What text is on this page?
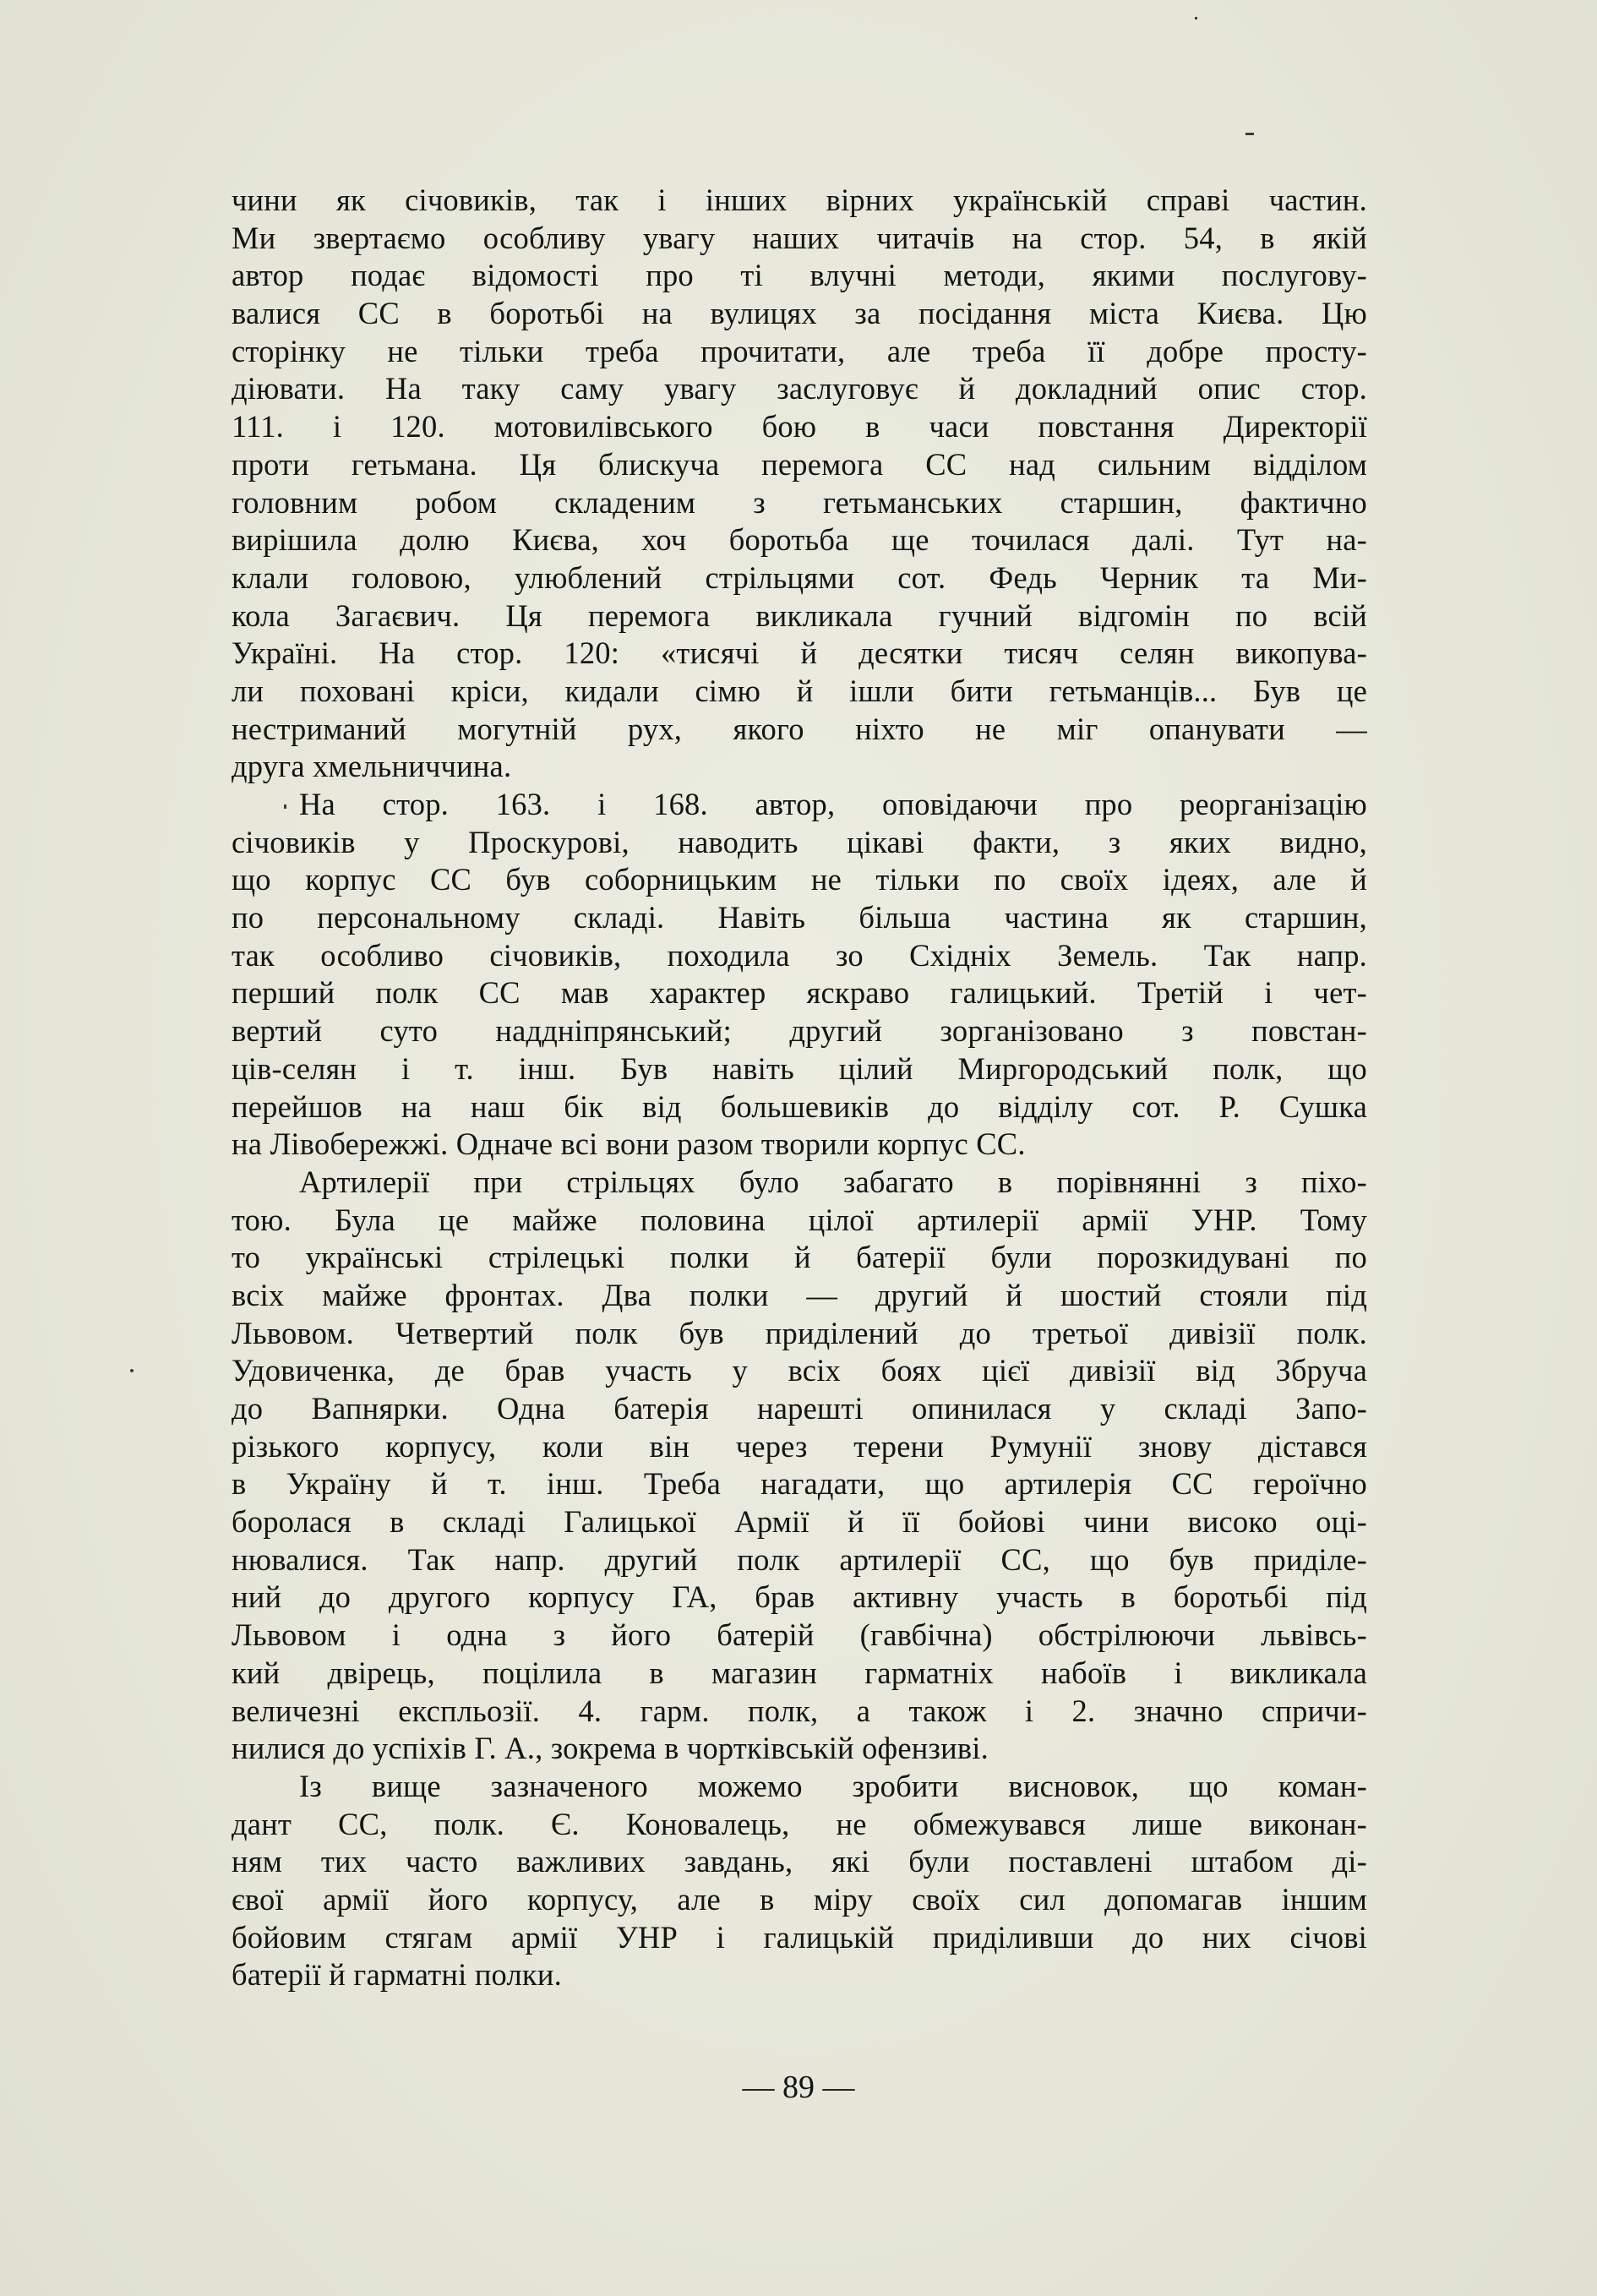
чини як січовиків, так і інших вірних українській справі частин.
Ми звертаємо особливу увагу наших читачів на стор. 54, в якій
автор подає відомості про ті влучні методи, якими послугову-
валися СС в боротьбі на вулицях за посідання міста Києва. Цю
сторінку не тільки треба прочитати, але треба її добре просту-
діювати. На таку саму увагу заслуговує й докладний опис стор.
111. і 120. мотовилівського бою в часи повстання Директорії
проти гетьмана. Ця блискуча перемога СС над сильним відділом
головним робом складеним з гетьманських старшин, фактично
вирішила долю Києва, хоч боротьба ще точилася далі. Тут на-
клали головою, улюблений стрільцями сот. Федь Черник та Ми-
кола Загаєвич. Ця перемога викликала гучний відгомін по всій
Україні. На стор. 120: «тисячі й десятки тисяч селян викопува-
ли поховані кріси, кидали сімю й ішли бити гетьманців... Був це
нестриманий могутній рух, якого ніхто не міг опанувати —
друга хмельниччина.
На стор. 163. і 168. автор, оповідаючи про реорганізацію
січовиків у Проскурові, наводить цікаві факти, з яких видно,
що корпус СС був соборницьким не тільки по своїх ідеях, але й
по персональному складі. Навіть більша частина як старшин,
так особливо січовиків, походила зо Східніх Земель. Так напр.
перший полк СС мав характер яскраво галицький. Третій і чет-
вертий суто наддніпрянський; другий зорганізовано з повстан-
ців-селян і т. інш. Був навіть цілий Миргородський полк, що
перейшов на наш бік від большевиків до відділу сот. Р. Сушка
на Лівобережжі. Одначе всі вони разом творили корпус СС.
Артилерії при стрільцях було забагато в порівнянні з піхо-
тою. Була це майже половина цілої артилерії армії УНР. Тому
то українські стрілецькі полки й батерії були порозкидувані по
всіх майже фронтах. Два полки — другий й шостий стояли під
Львовом. Четвертий полк був приділений до третьої дивізії полк.
Удовиченка, де брав участь у всіх боях цієї дивізії від Збруча
до Вапнярки. Одна батерія нарешті опинилася у складі Запо-
різького корпусу, коли він через терени Румунії знову дістався
в Україну й т. інш. Треба нагадати, що артилерія СС героїчно
боролася в складі Галицької Армії й її бойові чини високо оці-
нювалися. Так напр. другий полк артилерії СС, що був приділе-
ний до другого корпусу ГА, брав активну участь в боротьбі під
Львовом і одна з його батерій (гавбічна) обстрілюючи львівсь-
кий двірець, поцілила в магазин гарматніх набоїв і викликала
величезні експльозії. 4. гарм. полк, а також і 2. значно спричи-
нилися до успіхів Г. А., зокрема в чортківській офензиві.
Із вище зазначеного можемо зробити висновок, що коман-
дант СС, полк. Є. Коновалець, не обмежувався лише виконан-
ням тих часто важливих завдань, які були поставлені штабом ді-
євої армії його корпусу, але в міру своїх сил допомагав іншим
бойовим стягам армії УНР і галицькій приділивши до них січові
батерії й гарматні полки.
— 89 —
